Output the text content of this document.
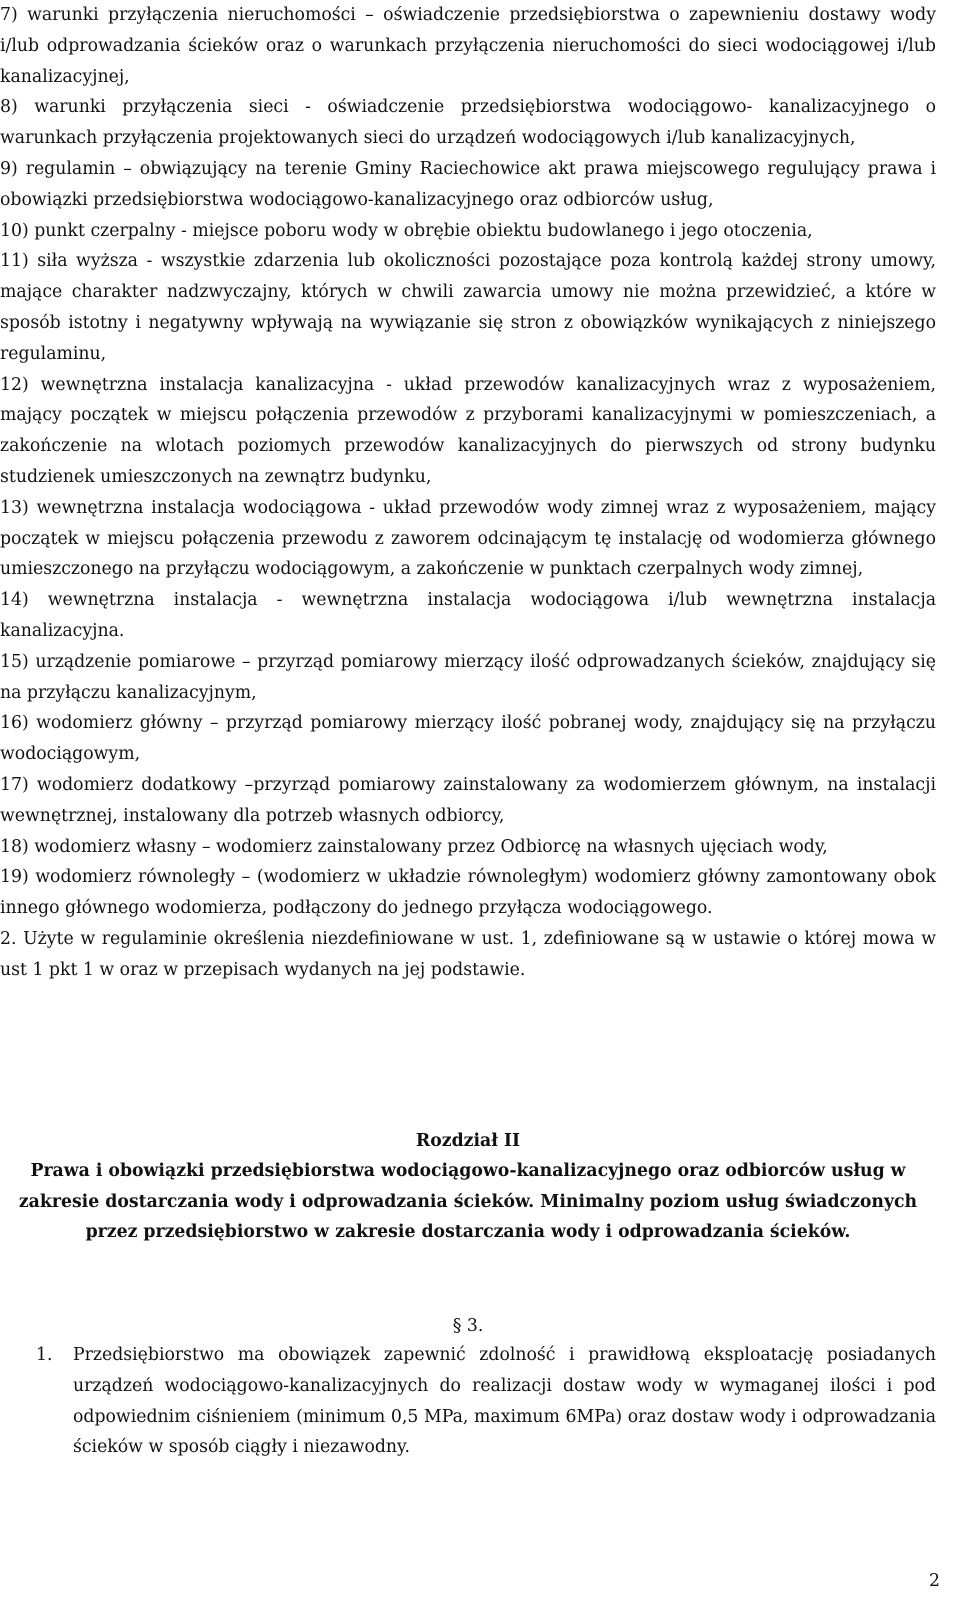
7) warunki przyłączenia nieruchomości – oświadczenie przedsiębiorstwa o zapewnieniu dostawy wody i/lub odprowadzania ścieków oraz o warunkach przyłączenia nieruchomości do sieci wodociągowej i/lub kanalizacyjnej,

8) warunki przyłączenia sieci - oświadczenie przedsiębiorstwa wodociągowo- kanalizacyjnego o warunkach przyłączenia projektowanych sieci do urządzeń wodociągowych i/lub kanalizacyjnych,

9) regulamin – obwiązujący na terenie Gminy Raciechowice akt prawa miejscowego regulujący prawa i obowiązki przedsiębiorstwa wodociągowo-kanalizacyjnego oraz odbiorców usług,

10) punkt czerpalny - miejsce poboru wody w obrębie obiektu budowlanego i jego otoczenia,

11) siła wyższa - wszystkie zdarzenia lub okoliczności pozostające poza kontrolą każdej strony umowy, mające charakter nadzwyczajny, których w chwili zawarcia umowy nie można przewidzieć, a które w sposób istotny i negatywny wpływają na wywiązanie się stron z obowiązków wynikających z niniejszego regulaminu,

12) wewnętrzna instalacja kanalizacyjna - układ przewodów kanalizacyjnych wraz z wyposażeniem, mający początek w miejscu połączenia przewodów z przyborami kanalizacyjnymi w pomieszczeniach, a zakończenie na wlotach poziomych przewodów kanalizacyjnych do pierwszych od strony budynku studzienek umieszczonych na zewnątrz budynku,

13) wewnętrzna instalacja wodociągowa - układ przewodów wody zimnej wraz z wyposażeniem, mający początek w miejscu połączenia przewodu z zaworem odcinającym tę instalację od wodomierza głównego umieszczonego na przyłączu wodociągowym, a zakończenie w punktach czerpalnych wody zimnej,

14) wewnętrzna instalacja - wewnętrzna instalacja wodociągowa i/lub wewnętrzna instalacja kanalizacyjna.

15) urządzenie pomiarowe – przyrząd pomiarowy mierzący ilość odprowadzanych ścieków, znajdujący się na przyłączu kanalizacyjnym,

16) wodomierz główny – przyrząd pomiarowy mierzący ilość pobranej wody, znajdujący się na przyłączu wodociągowym,

17) wodomierz dodatkowy –przyrząd pomiarowy zainstalowany za wodomierzem głównym, na instalacji wewnętrznej, instalowany dla potrzeb własnych odbiorcy,

18) wodomierz własny – wodomierz zainstalowany przez Odbiorcę na własnych ujęciach wody,

19) wodomierz równoległy – (wodomierz w układzie równoległym) wodomierz główny zamontowany obok innego głównego wodomierza, podłączony do jednego przyłącza wodociągowego.

2. Użyte w regulaminie określenia niezdefiniowane w ust. 1, zdefiniowane są w ustawie o której mowa w ust 1 pkt 1 w oraz w przepisach wydanych na jej podstawie.

Rozdział II
Prawa i obowiązki przedsiębiorstwa wodociągowo-kanalizacyjnego oraz odbiorców usług w zakresie dostarczania wody i odprowadzania ścieków. Minimalny poziom usług świadczonych przez przedsiębiorstwo w zakresie dostarczania wody i odprowadzania ścieków.
§ 3.
1. Przedsiębiorstwo ma obowiązek zapewnić zdolność i prawidłową eksploatację posiadanych urządzeń wodociągowo-kanalizacyjnych do realizacji dostaw wody w wymaganej ilości i pod odpowiednim ciśnieniem (minimum 0,5 MPa, maximum 6MPa) oraz dostaw wody i odprowadzania ścieków w sposób ciągły i niezawodny.
2
